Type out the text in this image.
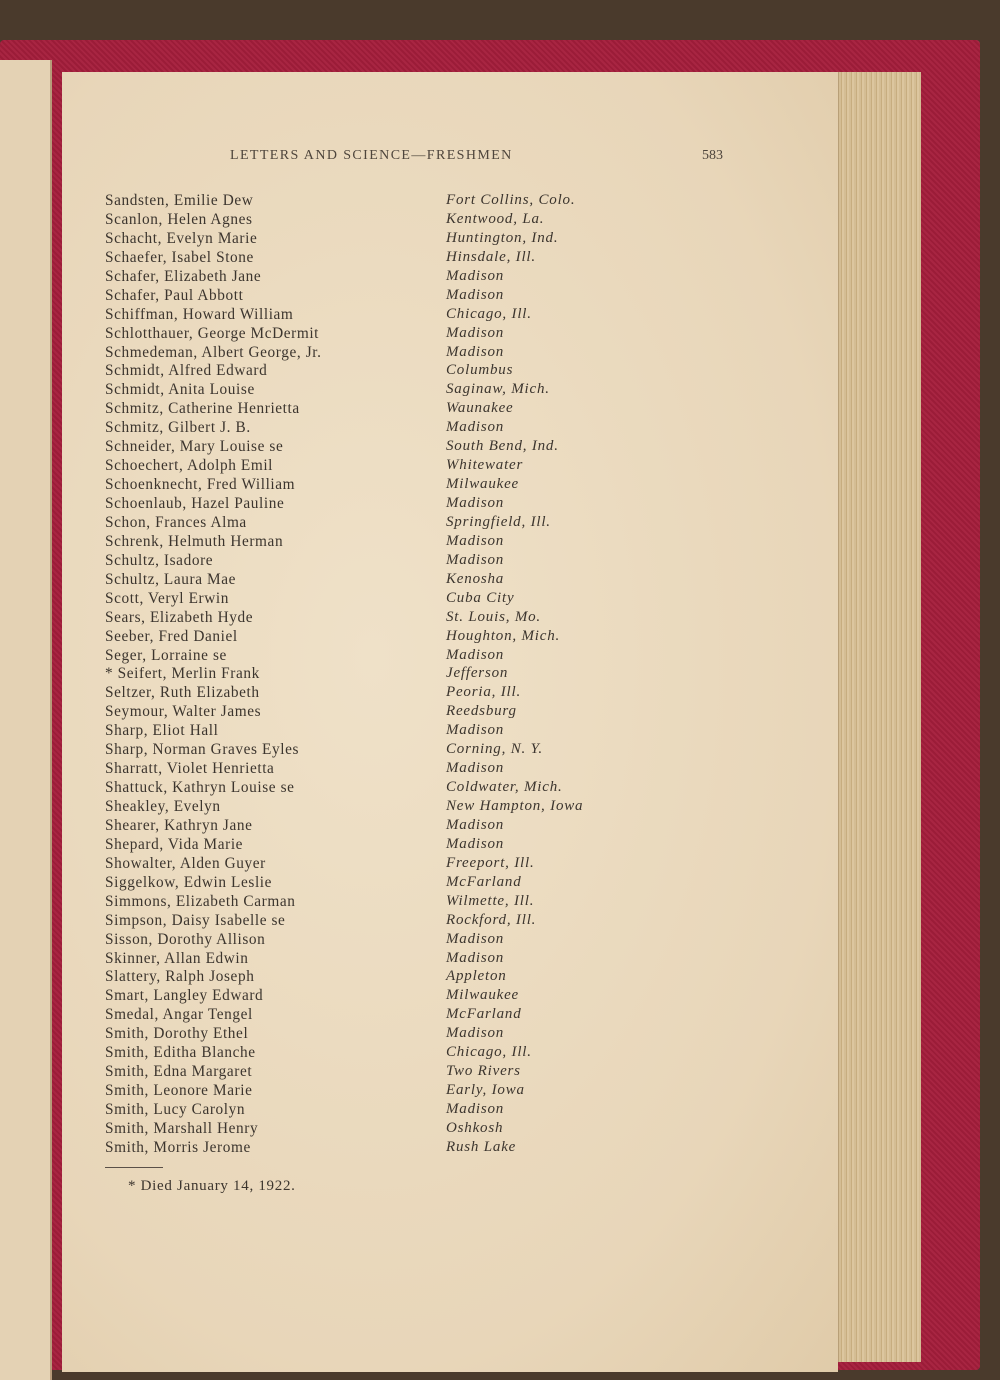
LETTERS AND SCIENCE—FRESHMEN	583
Sandsten, Emilie Dew	Fort Collins, Colo.
Scanlon, Helen Agnes	Kentwood, La.
Schacht, Evelyn Marie	Huntington, Ind.
Schaefer, Isabel Stone	Hinsdale, Ill.
Schafer, Elizabeth Jane	Madison
Schafer, Paul Abbott	Madison
Schiffman, Howard William	Chicago, Ill.
Schlotthauer, George McDermit	Madison
Schmedeman, Albert George, Jr.	Madison
Schmidt, Alfred Edward	Columbus
Schmidt, Anita Louise	Saginaw, Mich.
Schmitz, Catherine Henrietta	Waunakee
Schmitz, Gilbert J. B.	Madison
Schneider, Mary Louise se	South Bend, Ind.
Schoechert, Adolph Emil	Whitewater
Schoenknecht, Fred William	Milwaukee
Schoenlaub, Hazel Pauline	Madison
Schon, Frances Alma	Springfield, Ill.
Schrenk, Helmuth Herman	Madison
Schultz, Isadore	Madison
Schultz, Laura Mae	Kenosha
Scott, Veryl Erwin	Cuba City
Sears, Elizabeth Hyde	St. Louis, Mo.
Seeber, Fred Daniel	Houghton, Mich.
Seger, Lorraine se	Madison
* Seifert, Merlin Frank	Jefferson
Seltzer, Ruth Elizabeth	Peoria, Ill.
Seymour, Walter James	Reedsburg
Sharp, Eliot Hall	Madison
Sharp, Norman Graves Eyles	Corning, N. Y.
Sharratt, Violet Henrietta	Madison
Shattuck, Kathryn Louise se	Coldwater, Mich.
Sheakley, Evelyn	New Hampton, Iowa
Shearer, Kathryn Jane	Madison
Shepard, Vida Marie	Madison
Showalter, Alden Guyer	Freeport, Ill.
Siggelkow, Edwin Leslie	McFarland
Simmons, Elizabeth Carman	Wilmette, Ill.
Simpson, Daisy Isabelle se	Rockford, Ill.
Sisson, Dorothy Allison	Madison
Skinner, Allan Edwin	Madison
Slattery, Ralph Joseph	Appleton
Smart, Langley Edward	Milwaukee
Smedal, Angar Tengel	McFarland
Smith, Dorothy Ethel	Madison
Smith, Editha Blanche	Chicago, Ill.
Smith, Edna Margaret	Two Rivers
Smith, Leonore Marie	Early, Iowa
Smith, Lucy Carolyn	Madison
Smith, Marshall Henry	Oshkosh
Smith, Morris Jerome	Rush Lake
* Died January 14, 1922.
